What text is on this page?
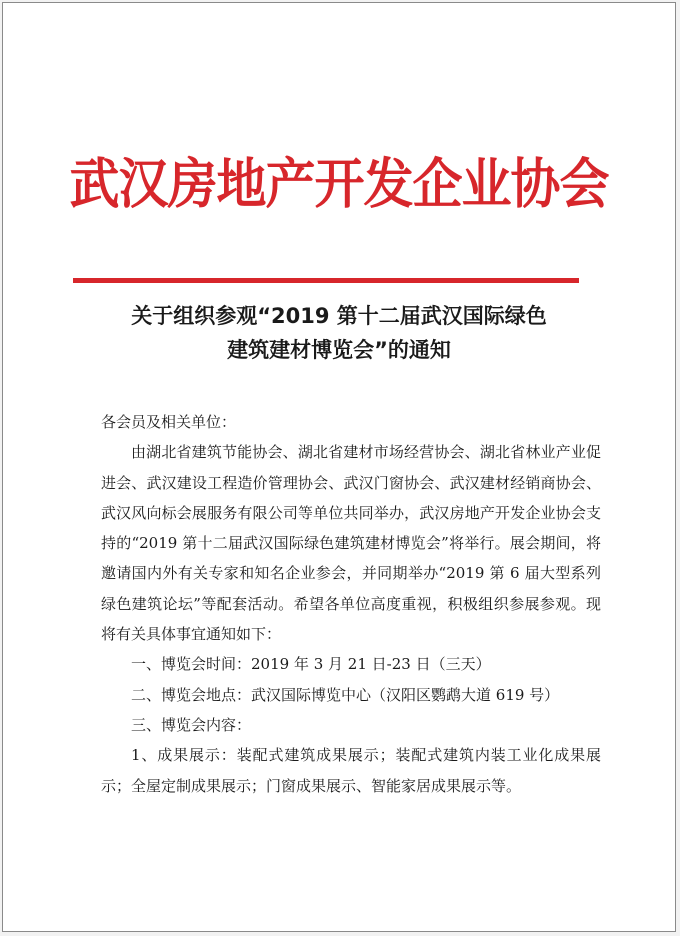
武汉房地产开发企业协会
关于组织参观“2019 第十二届武汉国际绿色
建筑建材博览会”的通知

各会员及相关单位：

由湖北省建筑节能协会、湖北省建材市场经营协会、湖北省林业产业促进会、武汉建设工程造价管理协会、武汉门窗协会、武汉建材经销商协会、武汉风向标会展服务有限公司等单位共同举办，武汉房地产开发企业协会支持的“2019 第十二届武汉国际绿色建筑建材博览会”将举行。展会期间，将邀请国内外有关专家和知名企业参会，并同期举办“2019 第 6 届大型系列绿色建筑论坛”等配套活动。希望各单位高度重视，积极组织参展参观。现将有关具体事宜通知如下：

一、博览会时间：2019 年 3 月 21 日-23 日（三天）

二、博览会地点：武汉国际博览中心（汉阳区鹦鹉大道 619 号）

三、博览会内容：

1、成果展示：装配式建筑成果展示；装配式建筑内装工业化成果展示；全屋定制成果展示；门窗成果展示、智能家居成果展示等。
